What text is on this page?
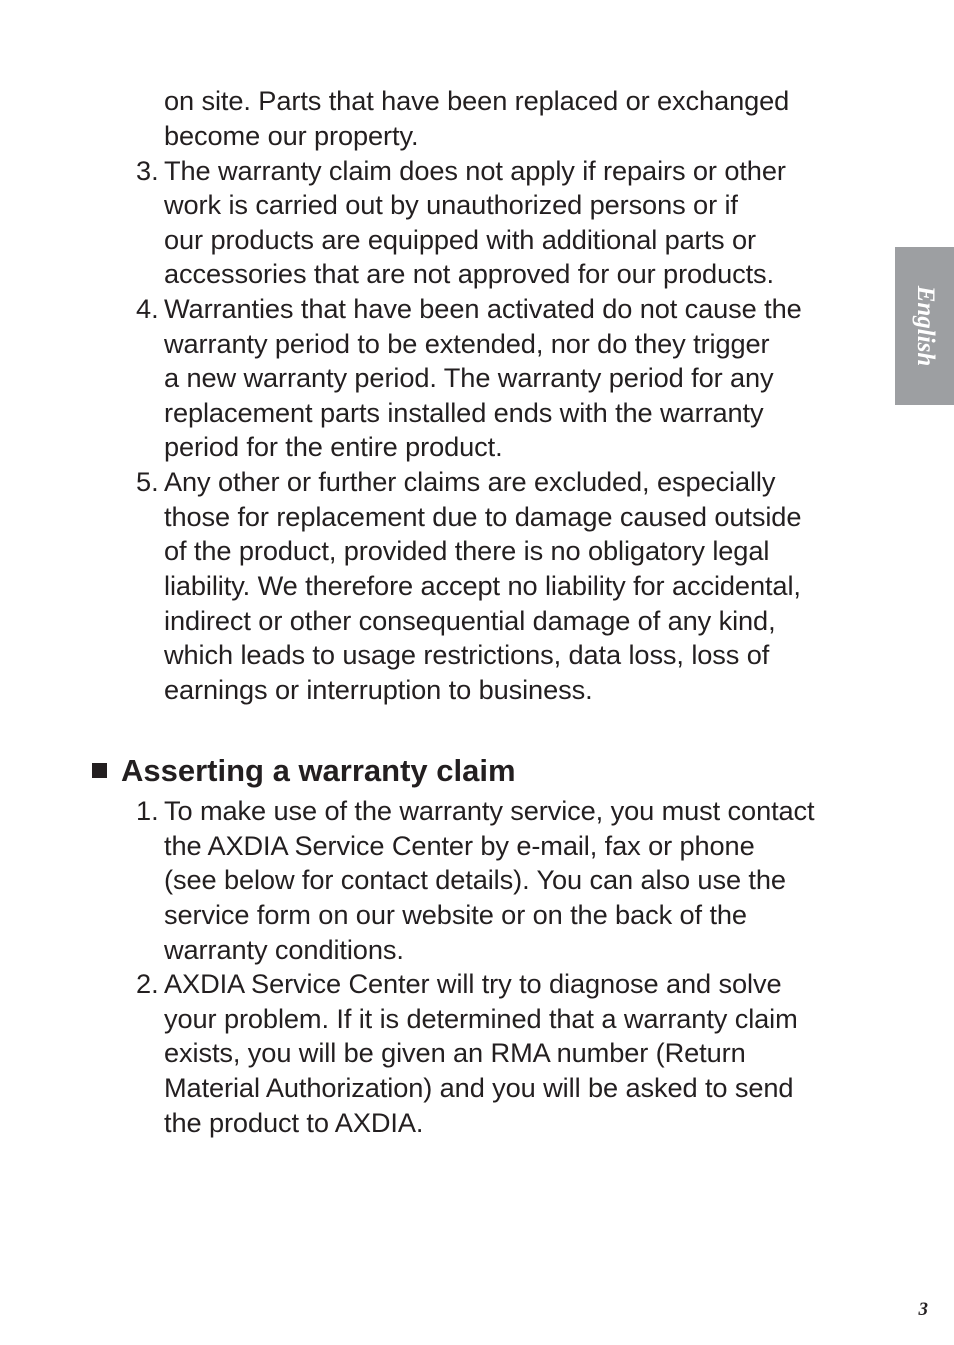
on site. Parts that have been replaced or exchanged
become our property.
3. The warranty claim does not apply if repairs or other
work is carried out by unauthorized persons or if
our products are equipped with additional parts or
accessories that are not approved for our products.
4. Warranties that have been activated do not cause the
warranty period to be extended, nor do they trigger
a new warranty period. The warranty period for any
replacement parts installed ends with the warranty
period for the entire product.
5. Any other or further claims are excluded, especially
those for replacement due to damage caused outside
of the product, provided there is no obligatory legal
liability. We therefore accept no liability for accidental,
indirect or other consequential damage of any kind,
which leads to usage restrictions, data loss, loss of
earnings or interruption to business.
Asserting a warranty claim
1. To make use of the warranty service, you must contact
the AXDIA Service Center by e-mail, fax or phone
(see below for contact details). You can also use the
service form on our website or on the back of the
warranty conditions.
2. AXDIA Service Center will try to diagnose and solve
your problem. If it is determined that a warranty claim
exists, you will be given an RMA number (Return
Material Authorization) and you will be asked to send
the product to AXDIA.
English
3
